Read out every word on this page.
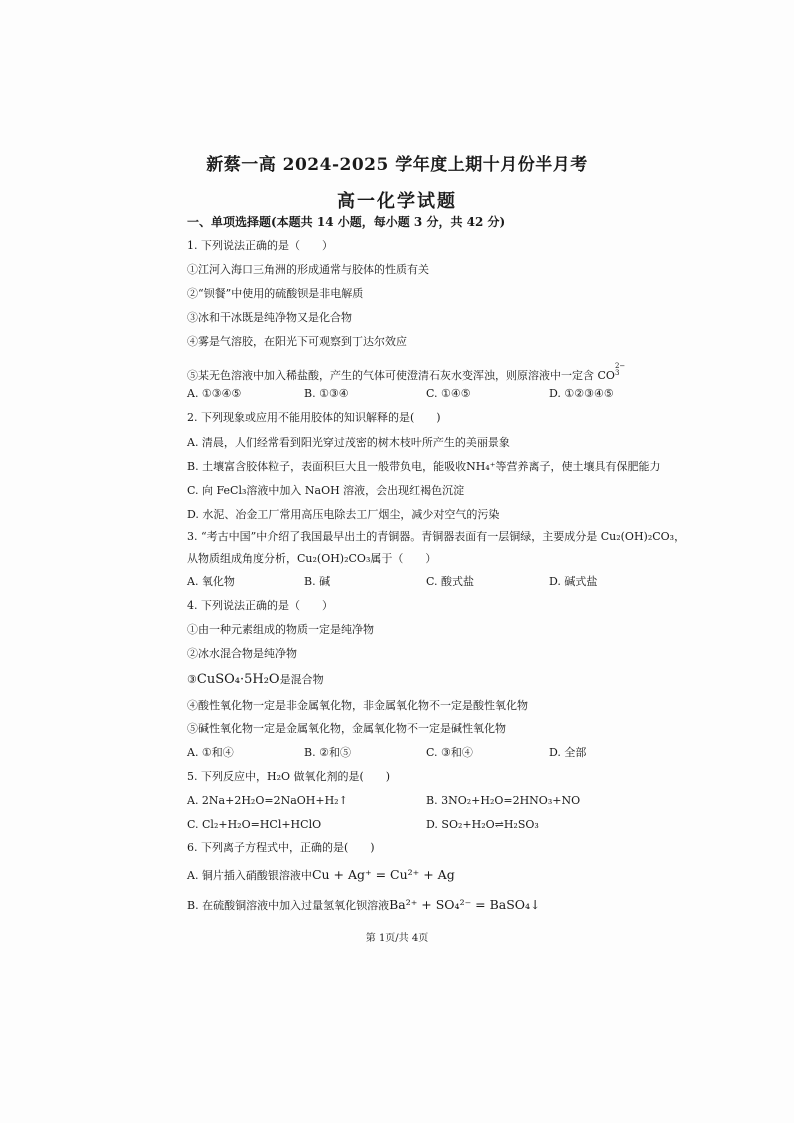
新蔡一高 2024-2025 学年度上期十月份半月考
高一化学试题
一、单项选择题(本题共 14 小题，每小题 3 分，共 42 分)
1. 下列说法正确的是（　　）
①江河入海口三角洲的形成通常与胶体的性质有关
②“钡餐”中使用的硫酸钡是非电解质
③冰和干冰既是纯净物又是化合物
④雾是气溶胶，在阳光下可观察到丁达尔效应
⑤某无色溶液中加入稀盐酸，产生的气体可使澄清石灰水变浑浊，则原溶液中一定含 CO2−
3
A. ①③④⑤	B. ①③④	C. ①④⑤	D. ①②③④⑤
2. 下列现象或应用不能用胶体的知识解释的是(　　)
A. 清晨，人们经常看到阳光穿过茂密的树木枝叶所产生的美丽景象
B. 土壤富含胶体粒子，表面积巨大且一般带负电，能吸收NH₄⁺等营养离子，使土壤具有保肥能力
C. 向 FeCl₃溶液中加入 NaOH 溶液，会出现红褐色沉淀
D. 水泥、冶金工厂常用高压电除去工厂烟尘，减少对空气的污染
3. “考古中国”中介绍了我国最早出土的青铜器。青铜器表面有一层铜绿，主要成分是 Cu₂(OH)₂CO₃，
从物质组成角度分析，Cu₂(OH)₂CO₃属于（　　）
A. 氧化物	B. 碱	C. 酸式盐	D. 碱式盐
4. 下列说法正确的是（　　）
①由一种元素组成的物质一定是纯净物
②冰水混合物是纯净物
③CuSO₄·5H₂O是混合物
④酸性氧化物一定是非金属氧化物，非金属氧化物不一定是酸性氧化物
⑤碱性氧化物一定是金属氧化物，金属氧化物不一定是碱性氧化物
A. ①和④	B. ②和⑤	C. ③和④	D. 全部
5. 下列反应中，H₂O 做氧化剂的是(　　)
A. 2Na+2H₂O=2NaOH+H₂↑	B. 3NO₂+H₂O=2HNO₃+NO
C. Cl₂+H₂O=HCl+HClO	D. SO₂+H₂O⇌H₂SO₃
6. 下列离子方程式中，正确的是(　　)
A. 铜片插入硝酸银溶液中Cu + Ag⁺ = Cu²⁺ + Ag
B. 在硫酸铜溶液中加入过量氢氧化钡溶液Ba²⁺ + SO₄²⁻ = BaSO₄↓
第 1页/共 4页
